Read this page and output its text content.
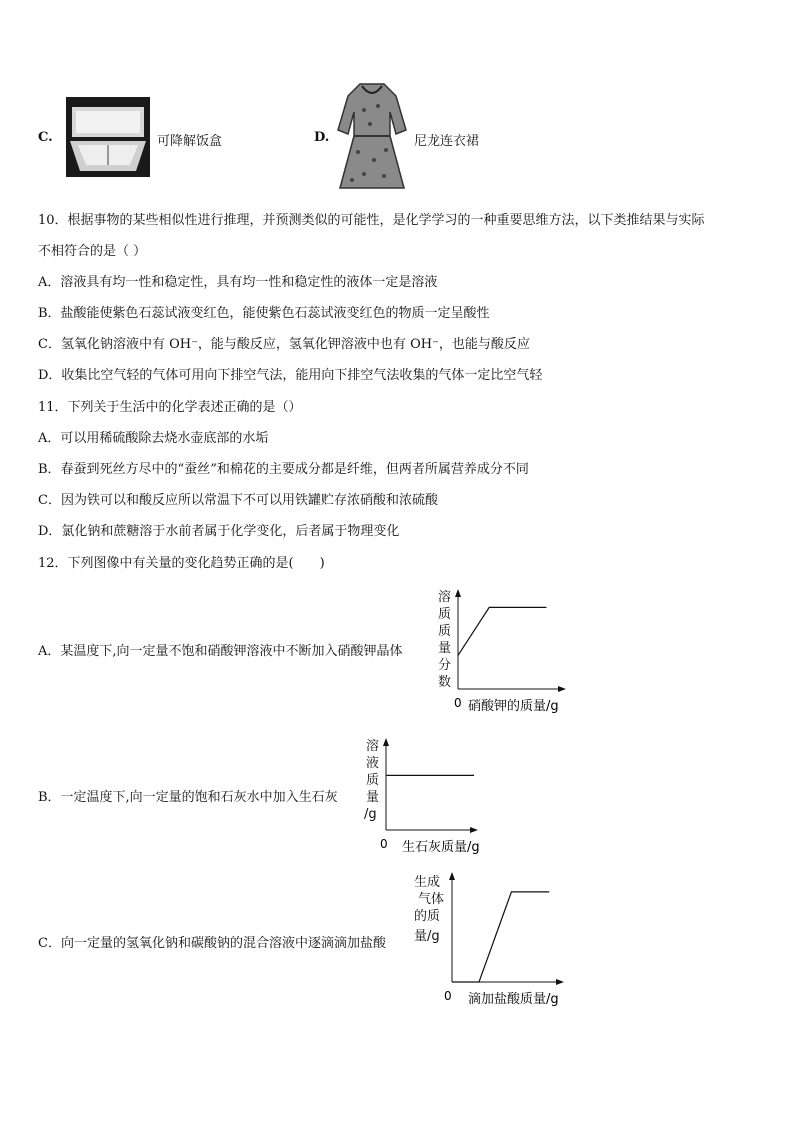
C.	可降解饭盒	D.	尼龙连衣裙
10．根据事物的某些相似性进行推理，并预测类似的可能性，是化学学习的一种重要思维方法，以下类推结果与实际
不相符合的是（ ）
A．溶液具有均一性和稳定性，具有均一性和稳定性的液体一定是溶液
B．盐酸能使紫色石蕊试液变红色，能使紫色石蕊试液变红色的物质一定呈酸性
C．氢氧化钠溶液中有 OH⁻，能与酸反应，氢氧化钾溶液中也有 OH⁻，也能与酸反应
D．收集比空气轻的气体可用向下排空气法，能用向下排空气法收集的气体一定比空气轻
11．下列关于生活中的化学表述正确的是（）
A．可以用稀硫酸除去烧水壶底部的水垢
B．春蚕到死丝方尽中的“蚕丝”和棉花的主要成分都是纤维，但两者所属营养成分不同
C．因为铁可以和酸反应所以常温下不可以用铁罐贮存浓硝酸和浓硫酸
D．氯化钠和蔗糖溶于水前者属于化学变化，后者属于物理变化
12．下列图像中有关量的变化趋势正确的是(　　)
A．某温度下,向一定量不饱和硝酸钾溶液中不断加入硝酸钾晶体
溶
质
质
量
分
数
0 硝酸钾的质量/g
B．一定温度下,向一定量的饱和石灰水中加入生石灰
溶
液
质
量
/g
0 生石灰质量/g
C．向一定量的氢氧化钠和碳酸钠的混合溶液中逐滴滴加盐酸
生成
气体
的质
量/g
0 滴加盐酸质量/g
